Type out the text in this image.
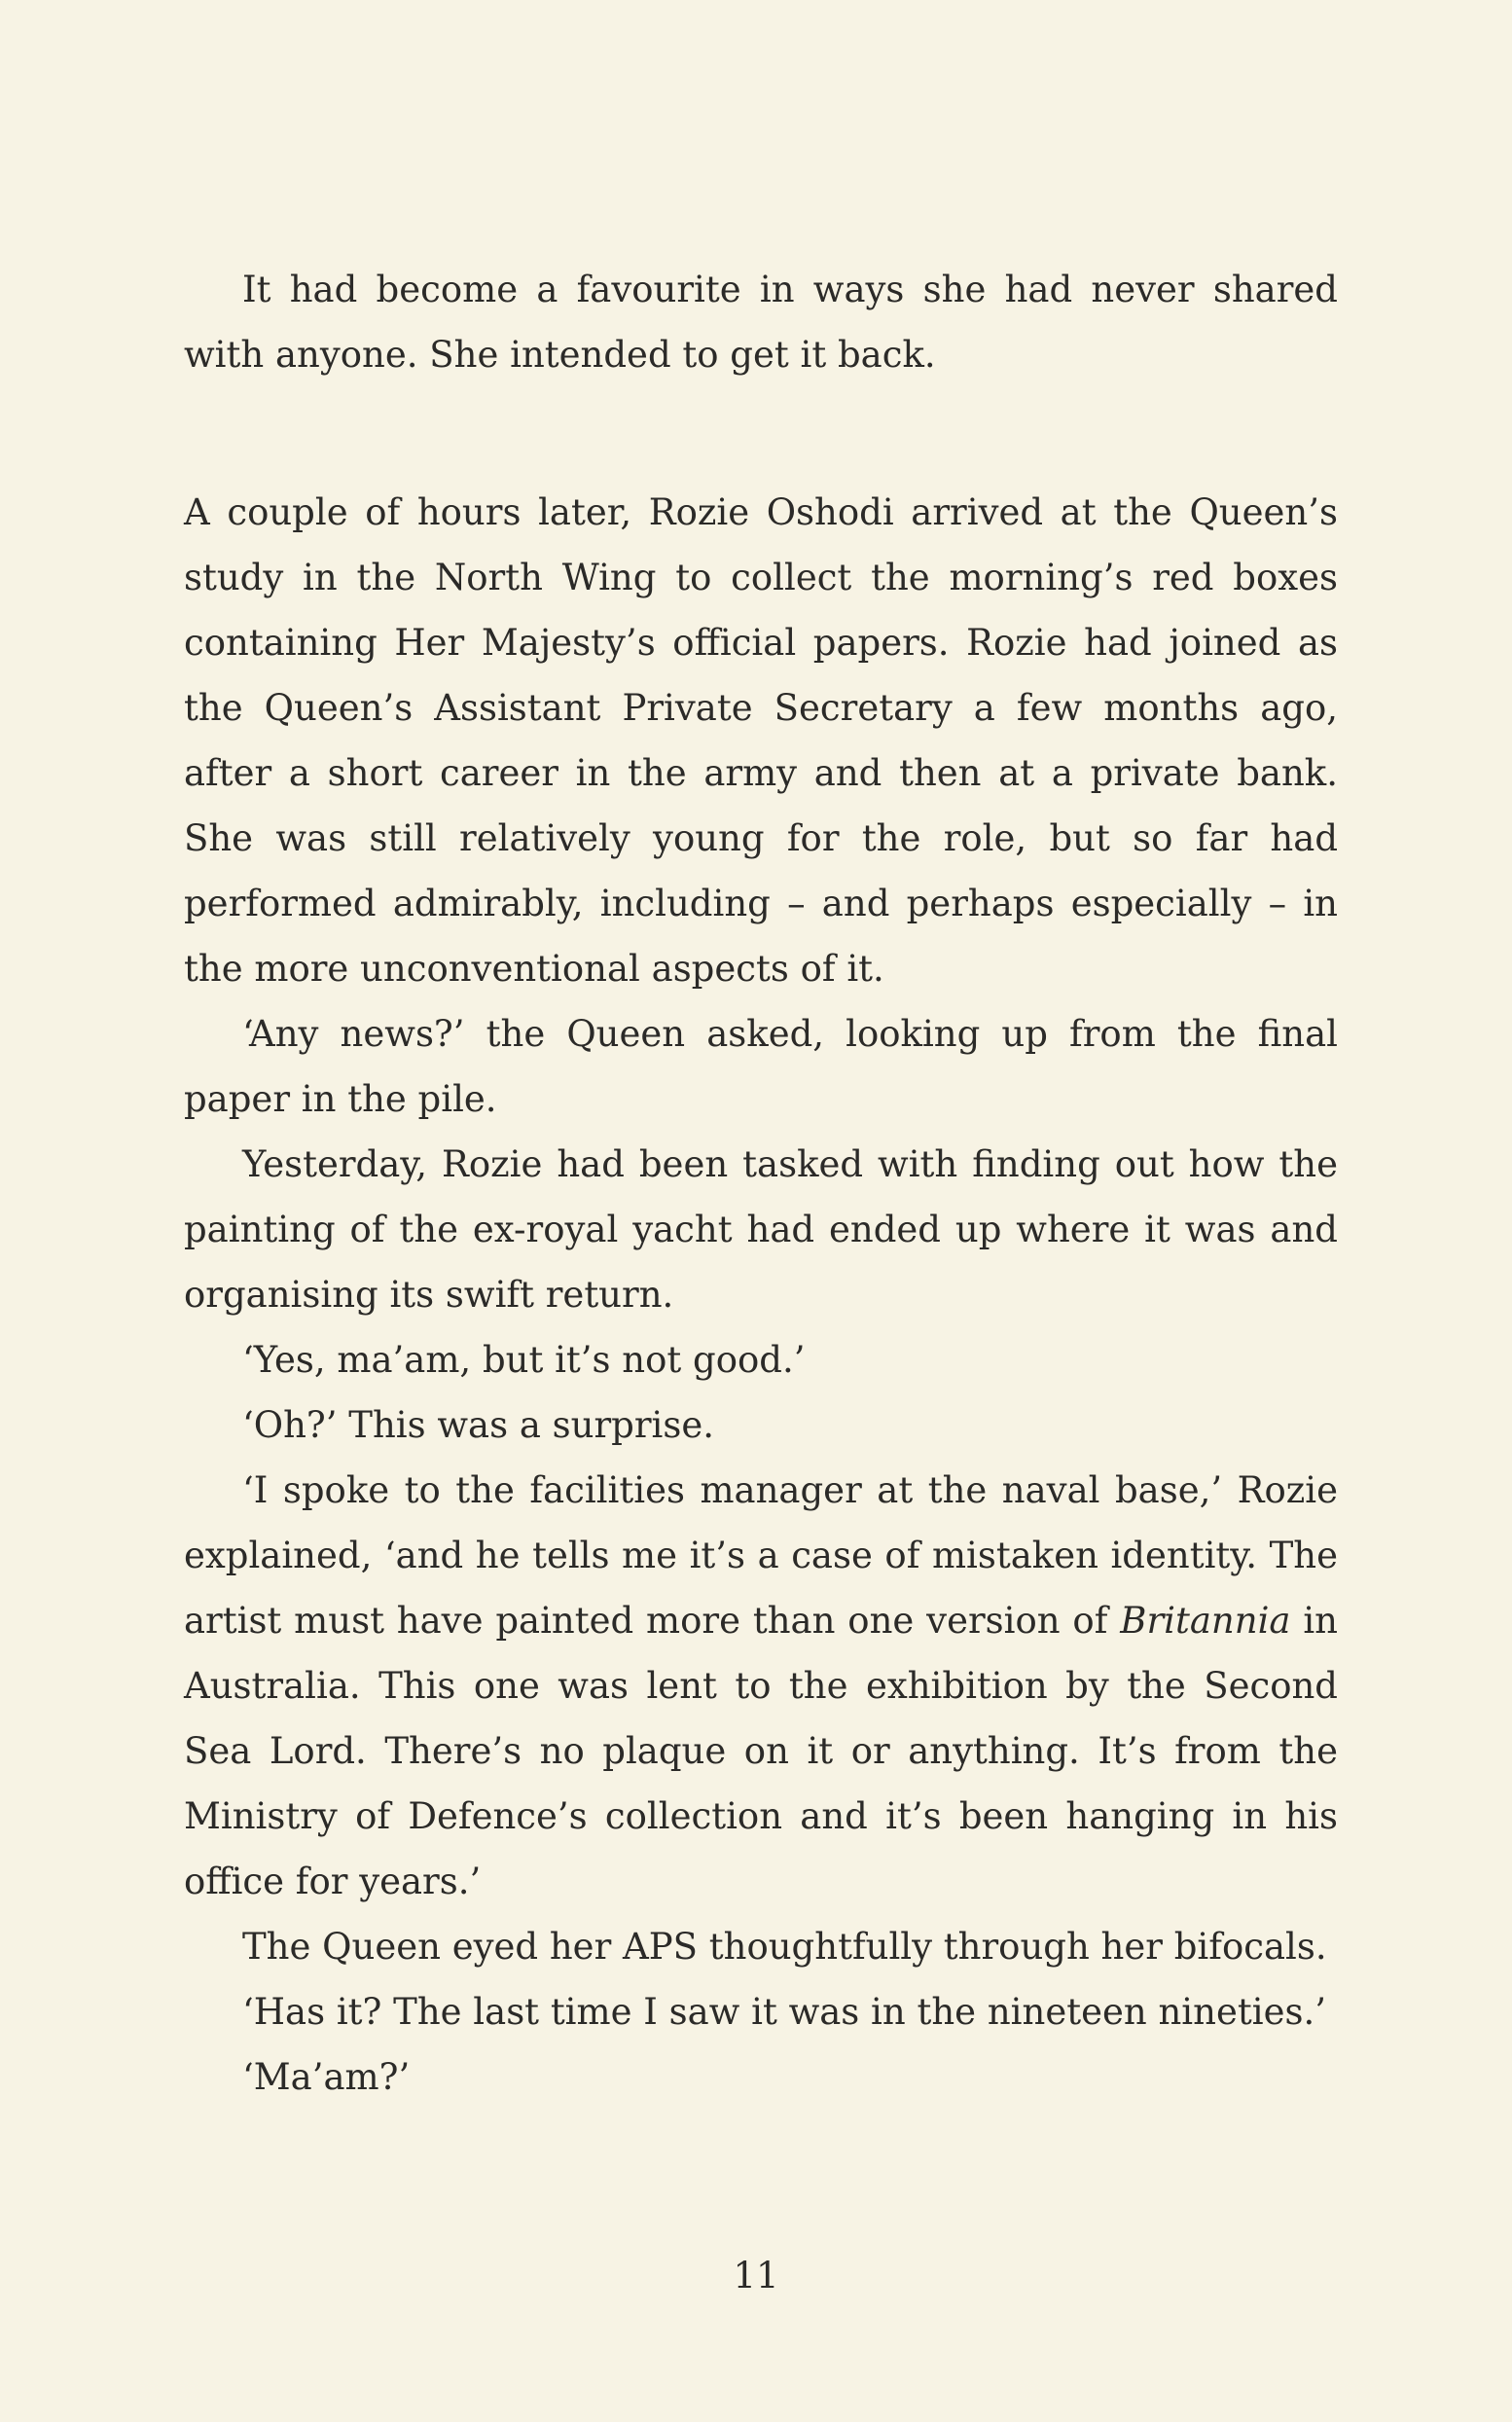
It had become a favourite in ways she had never shared with anyone. She intended to get it back.

A couple of hours later, Rozie Oshodi arrived at the Queen’s study in the North Wing to collect the morning’s red boxes containing Her Majesty’s official papers. Rozie had joined as the Queen’s Assistant Private Secretary a few months ago, after a short career in the army and then at a private bank. She was still relatively young for the role, but so far had performed admirably, including – and perhaps especially – in the more unconventional aspects of it.

‘Any news?’ the Queen asked, looking up from the final paper in the pile.

Yesterday, Rozie had been tasked with finding out how the painting of the ex-royal yacht had ended up where it was and organising its swift return.

‘Yes, ma’am, but it’s not good.’

‘Oh?’ This was a surprise.

‘I spoke to the facilities manager at the naval base,’ Rozie explained, ‘and he tells me it’s a case of mistaken identity. The artist must have painted more than one version of Britannia in Australia. This one was lent to the exhibition by the Second Sea Lord. There’s no plaque on it or anything. It’s from the Ministry of Defence’s collection and it’s been hanging in his office for years.’

The Queen eyed her APS thoughtfully through her bifocals.

‘Has it? The last time I saw it was in the nineteen nineties.’

‘Ma’am?’

11
